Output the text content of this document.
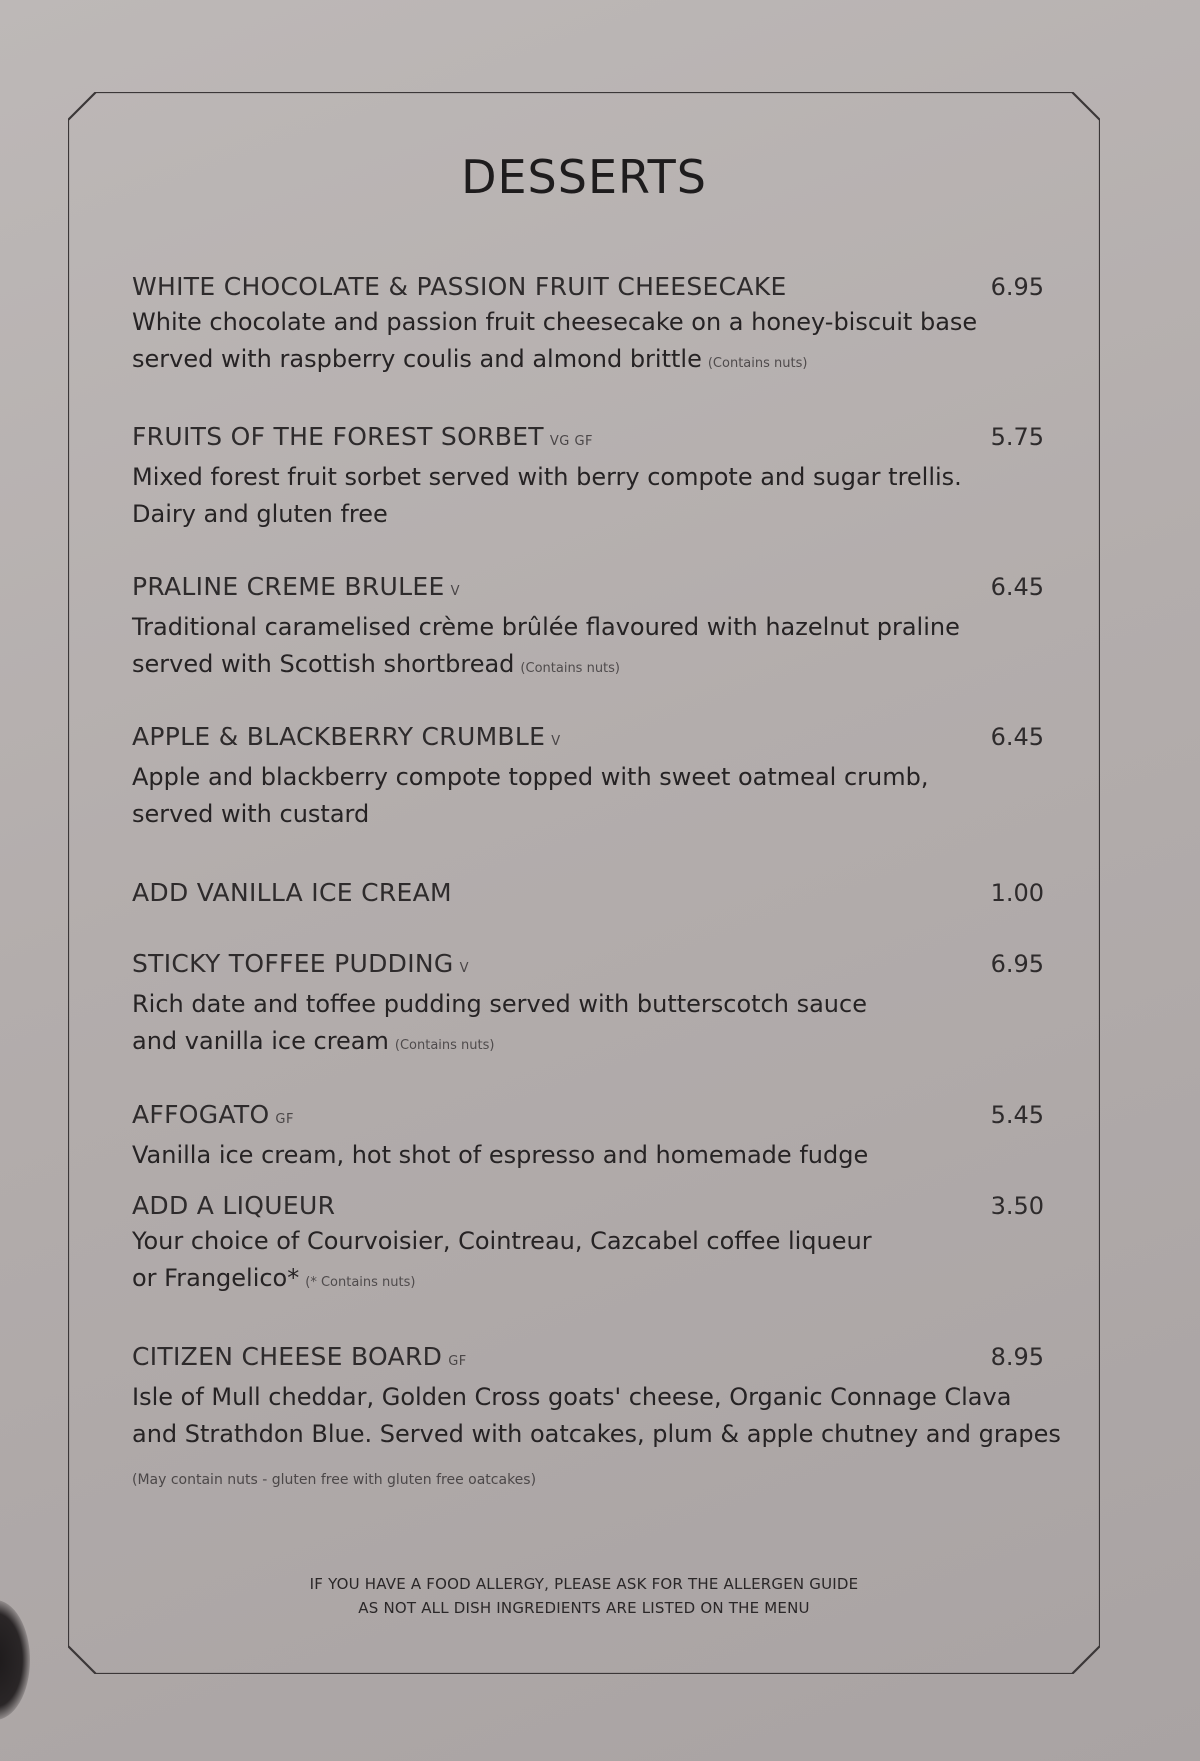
DESSERTS
WHITE CHOCOLATE & PASSION FRUIT CHEESECAKE	6.95
White chocolate and passion fruit cheesecake on a honey-biscuit base
served with raspberry coulis and almond brittle (Contains nuts)
FRUITS OF THE FOREST SORBET VG GF	5.75
Mixed forest fruit sorbet served with berry compote and sugar trellis.
Dairy and gluten free
PRALINE CREME BRULEE V	6.45
Traditional caramelised crème brûlée flavoured with hazelnut praline
served with Scottish shortbread (Contains nuts)
APPLE & BLACKBERRY CRUMBLE V	6.45
Apple and blackberry compote topped with sweet oatmeal crumb,
served with custard
ADD VANILLA ICE CREAM	1.00
STICKY TOFFEE PUDDING V	6.95
Rich date and toffee pudding served with butterscotch sauce
and vanilla ice cream (Contains nuts)
AFFOGATO GF	5.45
Vanilla ice cream, hot shot of espresso and homemade fudge
ADD A LIQUEUR	3.50
Your choice of Courvoisier, Cointreau, Cazcabel coffee liqueur
or Frangelico* (* Contains nuts)
CITIZEN CHEESE BOARD GF	8.95
Isle of Mull cheddar, Golden Cross goats' cheese, Organic Connage Clava
and Strathdon Blue. Served with oatcakes, plum & apple chutney and grapes
(May contain nuts - gluten free with gluten free oatcakes)
IF YOU HAVE A FOOD ALLERGY, PLEASE ASK FOR THE ALLERGEN GUIDE
AS NOT ALL DISH INGREDIENTS ARE LISTED ON THE MENU
